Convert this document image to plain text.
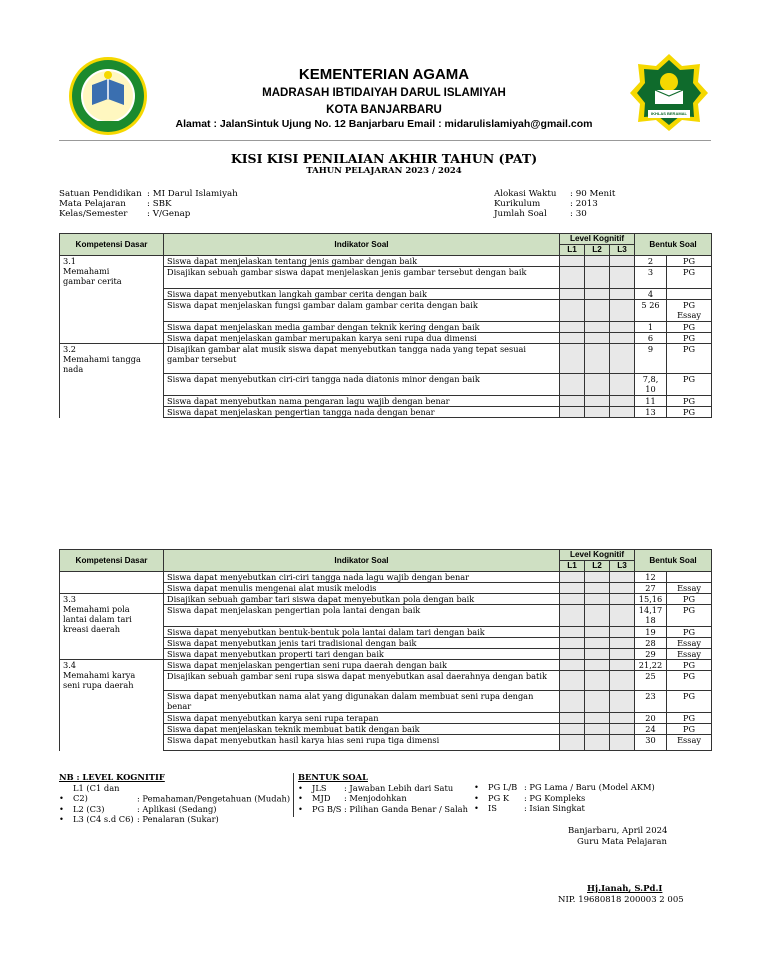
IKHLAS BERAMAL
KEMENTERIAN AGAMA
MADRASAH IBTIDAIYAH DARUL ISLAMIYAH
KOTA BANJARBARU
Alamat : JalanSintuk Ujung No. 12 Banjarbaru Email : midarulislamiyah@gmail.com
KISI KISI PENILAIAN AKHIR TAHUN (PAT)
TAHUN PELAJARAN 2023 / 2024
Satuan Pendidikan : MI Darul Islamiyah
Mata Pelajaran : SBK
Kelas/Semester : V/Genap
Alokasi Waktu : 90 Menit
Kurikulum	: 2013
Jumlah Soal	: 30
Kompetensi Dasar	Indikator Soal	Level Kognitif			Bentuk Soal	
		L1	L2	L3		
3.1Memahami gambar cerita	Siswa dapat menjelaskan tentang jenis gambar dengan baik				2	PG
	Disajikan sebuah gambar siswa dapat menjelaskan jenis gambar tersebut dengan baik				3	PG
	Siswa dapat menyebutkan langkah gambar cerita dengan baik				4	
	Siswa dapat menjelaskan fungsi gambar dalam gambar cerita dengan baik				5 26	PG Essay
	Siswa dapat menjelaskan media gambar dengan teknik kering dengan baik				1	PG
	Siswa dapat menjelaskan gambar merupakan karya seni rupa dua dimensi				6	PG
3.2Memahami tangga nada	Disajikan gambar alat musik siswa dapat menyebutkan tangga nada yang tepat sesuai gambar tersebut				9	PG
	Siswa dapat menyebutkan ciri-ciri tangga nada diatonis minor dengan baik				7,8, 10	PG
	Siswa dapat menyebutkan nama pengaran lagu wajib dengan benar				11	PG
	Siswa dapat menjelaskan pengertian tangga nada dengan benar				13	PG
Kompetensi Dasar	Indikator Soal	Level Kognitif			Bentuk Soal	
		L1	L2	L3		
	Siswa dapat menyebutkan ciri-ciri tangga nada lagu wajib dengan benar				12	
	Siswa dapat menulis mengenai alat musik melodis				27	Essay
3.3Memahami pola lantai dalam tari kreasi daerah	Disajikan sebuah gambar tari siswa dapat menyebutkan pola dengan baik				15,16	PG
	Siswa dapat menjelaskan pengertian pola lantai dengan baik				14,17 18	PG
	Siswa dapat menyebutkan bentuk-bentuk pola lantai dalam tari dengan baik				19	PG
	Siswa dapat menyebutkan jenis tari tradisional dengan baik				28	Essay
	Siswa dapat menyebutkan properti tari dengan baik				29	Essay
3.4Memahami karya seni rupa daerah	Siswa dapat menjelaskan pengertian seni rupa daerah dengan baik				21,22	PG
	Disajikan sebuah gambar seni rupa siswa dapat menyebutkan asal daerahnya dengan batik				25	PG
	Siswa dapat menyebutkan nama alat yang digunakan dalam membuat seni rupa dengan benar				23	PG
	Siswa dapat menyebutkan karya seni rupa terapan				20	PG
	Siswa dapat menjelaskan teknik membuat batik dengan baik				24	PG
	Siswa dapat menyebutkan hasil karya hias seni rupa tiga dimensi				30	Essay
NB : LEVEL KOGNITIF
• L1 (C1 dan C2)	: Pemahaman/Pengetahuan (Mudah)
• L2 (C3)	: Aplikasi (Sedang)
• L3 (C4 s.d C6) : Penalaran (Sukar)
BENTUK SOAL
• JLS : Jawaban Lebih dari Satu
• MJD : Menjodohkan
• PG B/S : Pilihan Ganda Benar / Salah
• PG L/B : PG Lama / Baru (Model AKM)
• PG K : PG Kompleks
• IS	: Isian Singkat
Banjarbaru, April 2024
Guru Mata Pelajaran
Hj.Ianah, S.Pd.I
NIP. 19680818 200003 2 005
